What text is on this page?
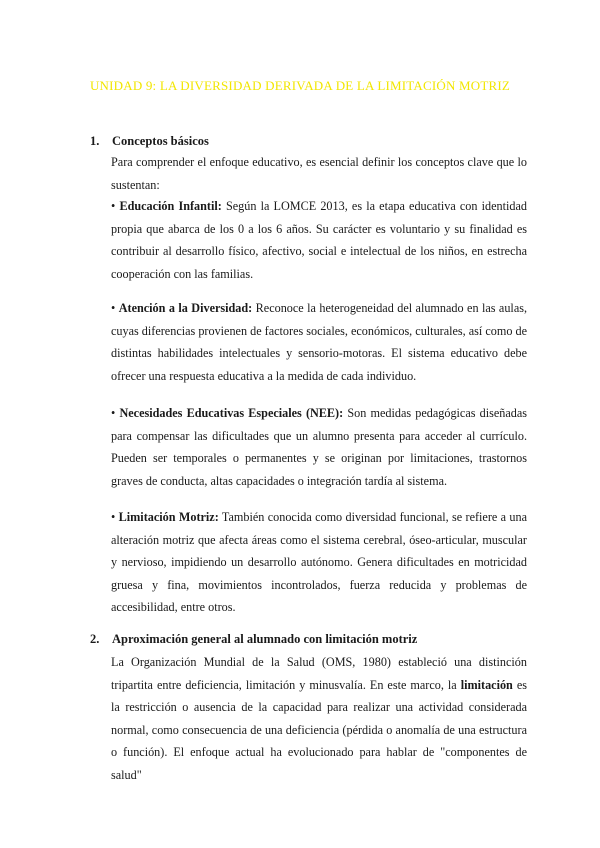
UNIDAD 9: LA DIVERSIDAD DERIVADA DE LA LIMITACIÓN MOTRIZ
1. Conceptos básicos
Para comprender el enfoque educativo, es esencial definir los conceptos clave que lo sustentan:
• Educación Infantil: Según la LOMCE 2013, es la etapa educativa con identidad propia que abarca de los 0 a los 6 años. Su carácter es voluntario y su finalidad es contribuir al desarrollo físico, afectivo, social e intelectual de los niños, en estrecha cooperación con las familias.
• Atención a la Diversidad: Reconoce la heterogeneidad del alumnado en las aulas, cuyas diferencias provienen de factores sociales, económicos, culturales, así como de distintas habilidades intelectuales y sensorio-motoras. El sistema educativo debe ofrecer una respuesta educativa a la medida de cada individuo.
• Necesidades Educativas Especiales (NEE): Son medidas pedagógicas diseñadas para compensar las dificultades que un alumno presenta para acceder al currículo. Pueden ser temporales o permanentes y se originan por limitaciones, trastornos graves de conducta, altas capacidades o integración tardía al sistema.
• Limitación Motriz: También conocida como diversidad funcional, se refiere a una alteración motriz que afecta áreas como el sistema cerebral, óseo-articular, muscular y nervioso, impidiendo un desarrollo autónomo. Genera dificultades en motricidad gruesa y fina, movimientos incontrolados, fuerza reducida y problemas de accesibilidad, entre otros.
2. Aproximación general al alumnado con limitación motriz
La Organización Mundial de la Salud (OMS, 1980) estableció una distinción tripartita entre deficiencia, limitación y minusvalía. En este marco, la limitación es la restricción o ausencia de la capacidad para realizar una actividad considerada normal, como consecuencia de una deficiencia (pérdida o anomalía de una estructura o función). El enfoque actual ha evolucionado para hablar de "componentes de salud"
